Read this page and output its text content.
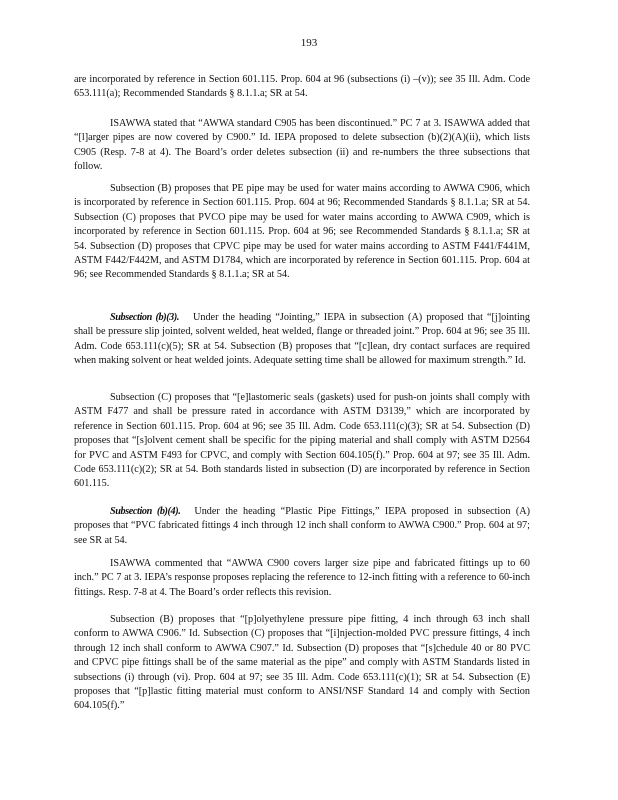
193

are incorporated by reference in Section 601.115. Prop. 604 at 96 (subsections (i) –(v)); see 35 Ill. Adm. Code 653.111(a); Recommended Standards § 8.1.1.a; SR at 54.

ISAWWA stated that “AWWA standard C905 has been discontinued.” PC 7 at 3. ISAWWA added that “[l]arger pipes are now covered by C900.” Id. IEPA proposed to delete subsection (b)(2)(A)(ii), which lists C905 (Resp. 7-8 at 4). The Board’s order deletes subsection (ii) and re-numbers the three subsections that follow.

Subsection (B) proposes that PE pipe may be used for water mains according to AWWA C906, which is incorporated by reference in Section 601.115. Prop. 604 at 96; Recommended Standards § 8.1.1.a; SR at 54. Subsection (C) proposes that PVCO pipe may be used for water mains according to AWWA C909, which is incorporated by reference in Section 601.115. Prop. 604 at 96; see Recommended Standards § 8.1.1.a; SR at 54. Subsection (D) proposes that CPVC pipe may be used for water mains according to ASTM F441/F441M, ASTM F442/F442M, and ASTM D1784, which are incorporated by reference in Section 601.115. Prop. 604 at 96; see Recommended Standards § 8.1.1.a; SR at 54.

Subsection (b)(3). Under the heading “Jointing,” IEPA in subsection (A) proposed that “[j]ointing shall be pressure slip jointed, solvent welded, heat welded, flange or threaded joint.” Prop. 604 at 96; see 35 Ill. Adm. Code 653.111(c)(5); SR at 54. Subsection (B) proposes that “[c]lean, dry contact surfaces are required when making solvent or heat welded joints. Adequate setting time shall be allowed for maximum strength.” Id.

Subsection (C) proposes that “[e]lastomeric seals (gaskets) used for push-on joints shall comply with ASTM F477 and shall be pressure rated in accordance with ASTM D3139,” which are incorporated by reference in Section 601.115. Prop. 604 at 96; see 35 Ill. Adm. Code 653.111(c)(3); SR at 54. Subsection (D) proposes that “[s]olvent cement shall be specific for the piping material and shall comply with ASTM D2564 for PVC and ASTM F493 for CPVC, and comply with Section 604.105(f).” Prop. 604 at 97; see 35 Ill. Adm. Code 653.111(c)(2); SR at 54. Both standards listed in subsection (D) are incorporated by reference in Section 601.115.

Subsection (b)(4). Under the heading “Plastic Pipe Fittings,” IEPA proposed in subsection (A) proposes that “PVC fabricated fittings 4 inch through 12 inch shall conform to AWWA C900.” Prop. 604 at 97; see SR at 54.

ISAWWA commented that “AWWA C900 covers larger size pipe and fabricated fittings up to 60 inch.” PC 7 at 3. IEPA’s response proposes replacing the reference to 12-inch fitting with a reference to 60-inch fittings. Resp. 7-8 at 4. The Board’s order reflects this revision.

Subsection (B) proposes that “[p]olyethylene pressure pipe fitting, 4 inch through 63 inch shall conform to AWWA C906.” Id. Subsection (C) proposes that “[i]njection-molded PVC pressure fittings, 4 inch through 12 inch shall conform to AWWA C907.” Id. Subsection (D) proposes that “[s]chedule 40 or 80 PVC and CPVC pipe fittings shall be of the same material as the pipe” and comply with ASTM Standards listed in subsections (i) through (vi). Prop. 604 at 97; see 35 Ill. Adm. Code 653.111(c)(1); SR at 54. Subsection (E) proposes that “[p]lastic fitting material must conform to ANSI/NSF Standard 14 and comply with Section 604.105(f).”
